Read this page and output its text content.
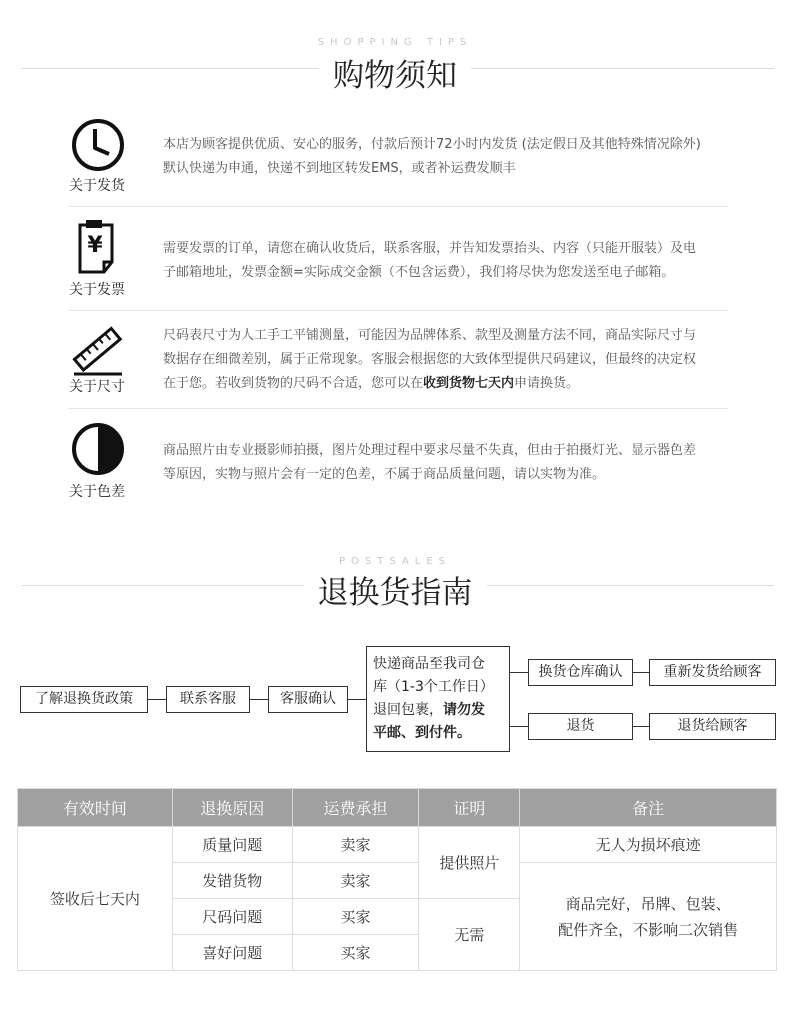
SHOPPING TIPS
购物须知
关于发货
本店为顾客提供优质、安心的服务，付款后预计72小时内发货 (法定假日及其他特殊情况除外)
默认快递为申通，快递不到地区转发EMS，或者补运费发顺丰
¥
关于发票
需要发票的订单，请您在确认收货后，联系客服，并告知发票抬头、内容（只能开服装）及电
子邮箱地址，发票金额=实际成交金额（不包含运费），我们将尽快为您发送至电子邮箱。
关于尺寸
尺码表尺寸为人工手工平铺测量，可能因为品牌体系、款型及测量方法不同，商品实际尺寸与
数据存在细微差别，属于正常现象。客服会根据您的大致体型提供尺码建议，但最终的决定权
在于您。若收到货物的尺码不合适，您可以在收到货物七天内申请换货。
关于色差
商品照片由专业摄影师拍摄，图片处理过程中要求尽量不失真，但由于拍摄灯光、显示器色差
等原因，实物与照片会有一定的色差，不属于商品质量问题，请以实物为准。
POSTSALES
退换货指南
了解退换货政策	联系客服	客服确认
快递商品至我司仓
库（1-3个工作日）
退回包裹，请勿发
平邮、到付件。
换货仓库确认	重新发货给顾客
退货	退货给顾客
有效时间	退换原因	运费承担	证明	备注
签收后七天内	质量问题	卖家	提供照片	无人为损坏痕迹
	发错货物	卖家		商品完好，吊牌、包装、
配件齐全，不影响二次销售

	尺码问题	买家	无需	
	喜好问题	买家		
